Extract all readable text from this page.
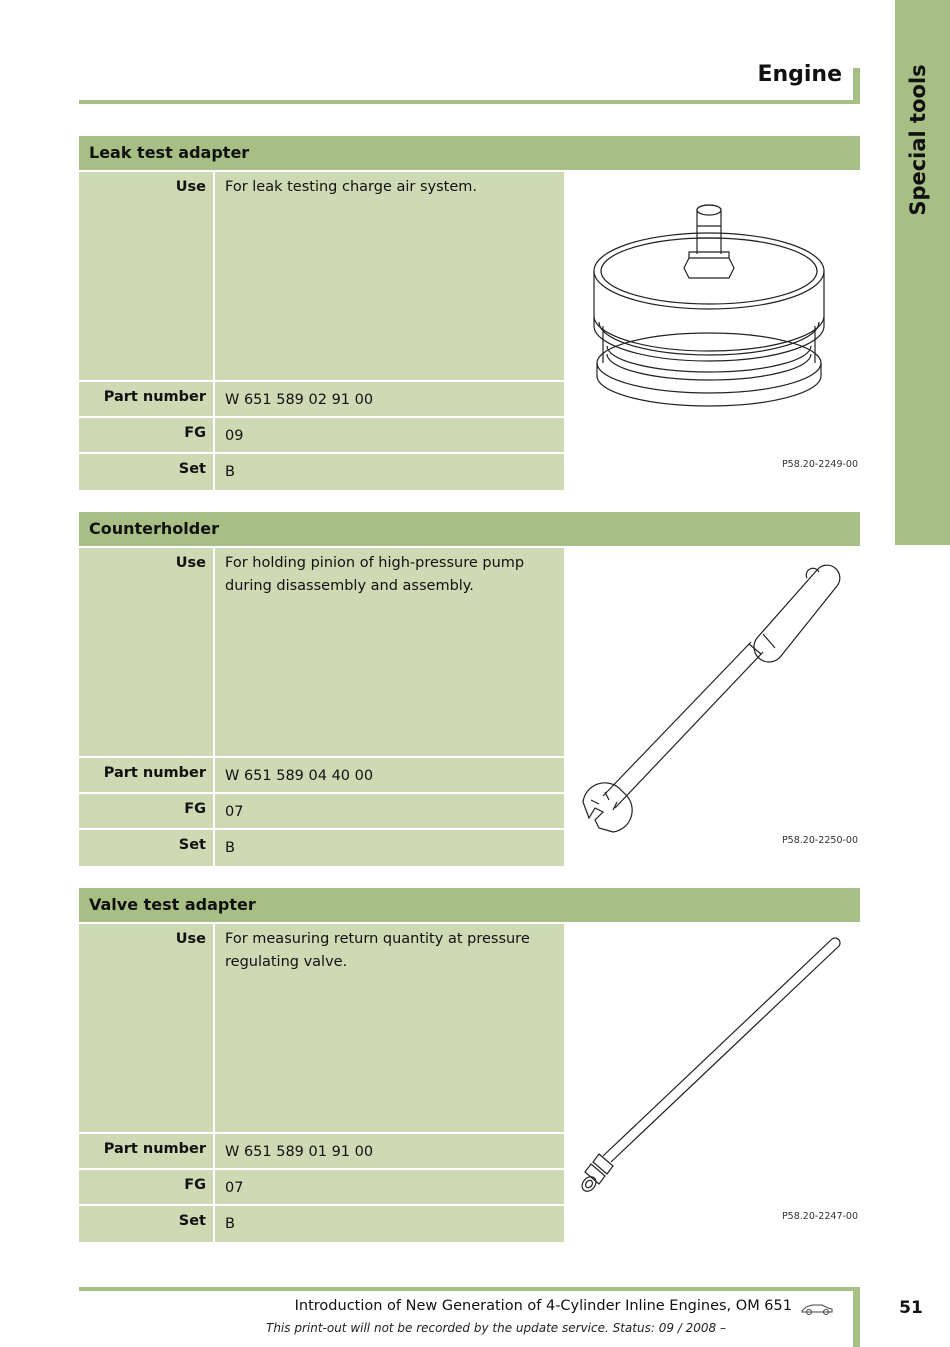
Engine	Special tools
Leak test adapter
Use	For leak testing charge air system.
Part number	W 651 589 02 91 00
FG	09
Set	B	P58.20-2249-00
Counterholder
Use	For holding pinion of high-pressure pump during disassembly and assembly.
Part number	W 651 589 04 40 00
FG	07
Set	B	P58.20-2250-00
Valve test adapter
Use	For measuring return quantity at pressure regulating valve.
Part number	W 651 589 01 91 00
FG	07
Set	B	P58.20-2247-00
Introduction of New Generation of 4-Cylinder Inline Engines, OM 651
This print-out will not be recorded by the update service. Status: 09 / 2008 –
51
